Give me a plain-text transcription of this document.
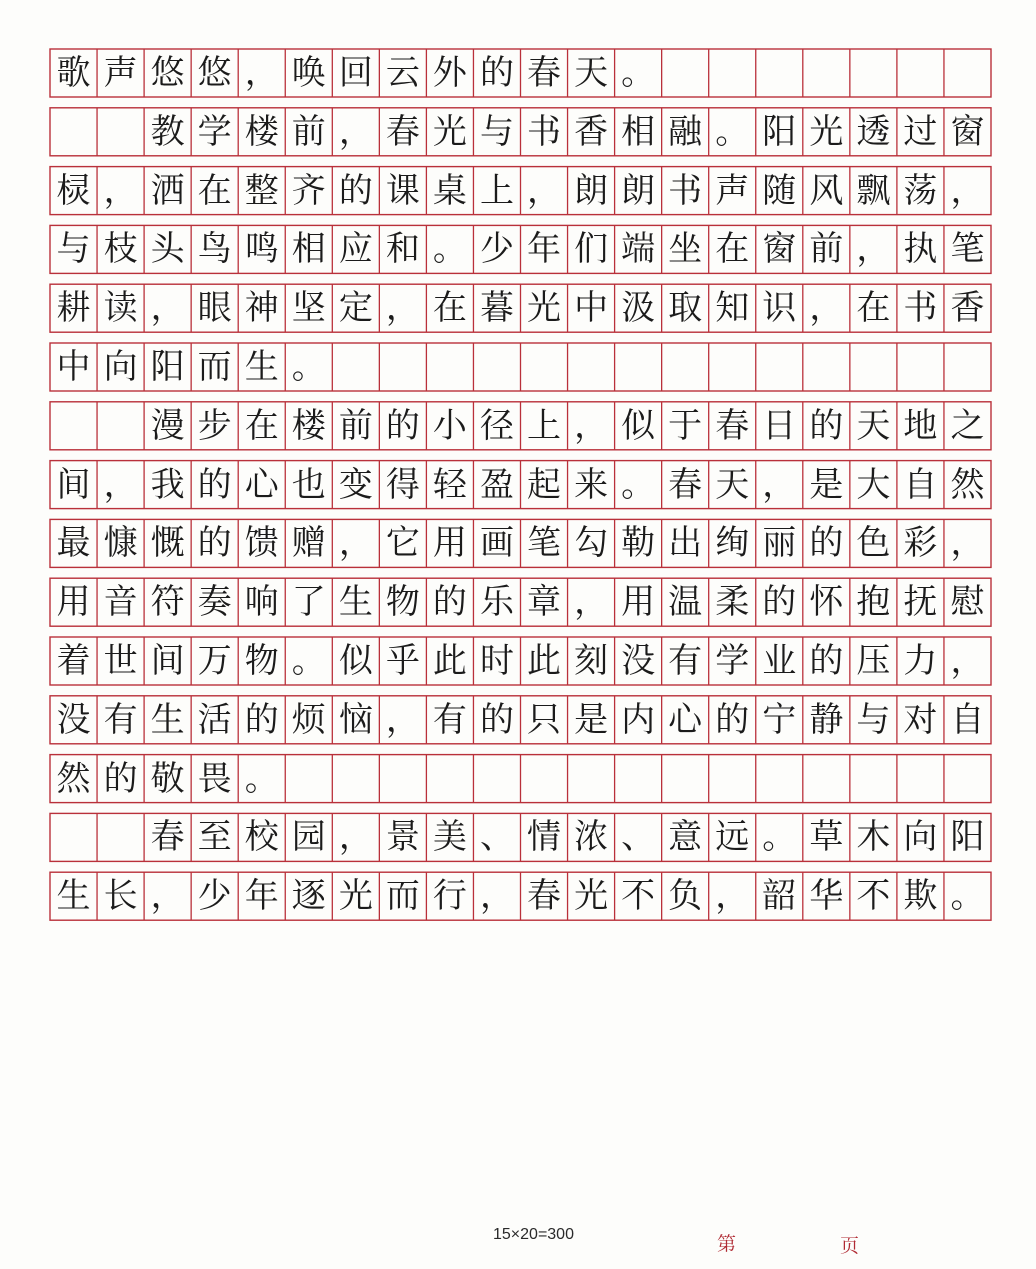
歌 声 悠 悠 ， 唤 回 云 外 的 春 天 。

教 学 楼 前 ， 春 光 与 书 香 相 融 。 阳 光 透 过 窗
棂 ， 洒 在 整 齐 的 课 桌 上 ， 朗 朗 书 声 随 风 飘 荡 ，
与 枝 头 鸟 鸣 相 应 和 。 少 年 们 端 坐 在 窗 前 ， 执 笔
耕 读 ， 眼 神 坚 定 ， 在 暮 光 中 汲 取 知 识 ， 在 书 香
中 向 阳 而 生 。

漫 步 在 楼 前 的 小 径 上 ， 似 于 春 日 的 天 地 之
间 ， 我 的 心 也 变 得 轻 盈 起 来 。 春 天 ， 是 大 自 然
最 慷 慨 的 馈 赠 ， 它 用 画 笔 勾 勒 出 绚 丽 的 色 彩 ，
用 音 符 奏 响 了 生 物 的 乐 章 ， 用 温 柔 的 怀 抱 抚 慰
着 世 间 万 物 。 似 乎 此 时 此 刻 没 有 学 业 的 压 力 ，
没 有 生 活 的 烦 恼 ， 有 的 只 是 内 心 的 宁 静 与 对 自
然 的 敬 畏 。

春 至 校 园 ， 景 美 、 情 浓 、 意 远 。 草 木 向 阳
生 长 ， 少 年 逐 光 而 行 ， 春 光 不 负 ， 韶 华 不 欺 。
15×20=300	第	页
